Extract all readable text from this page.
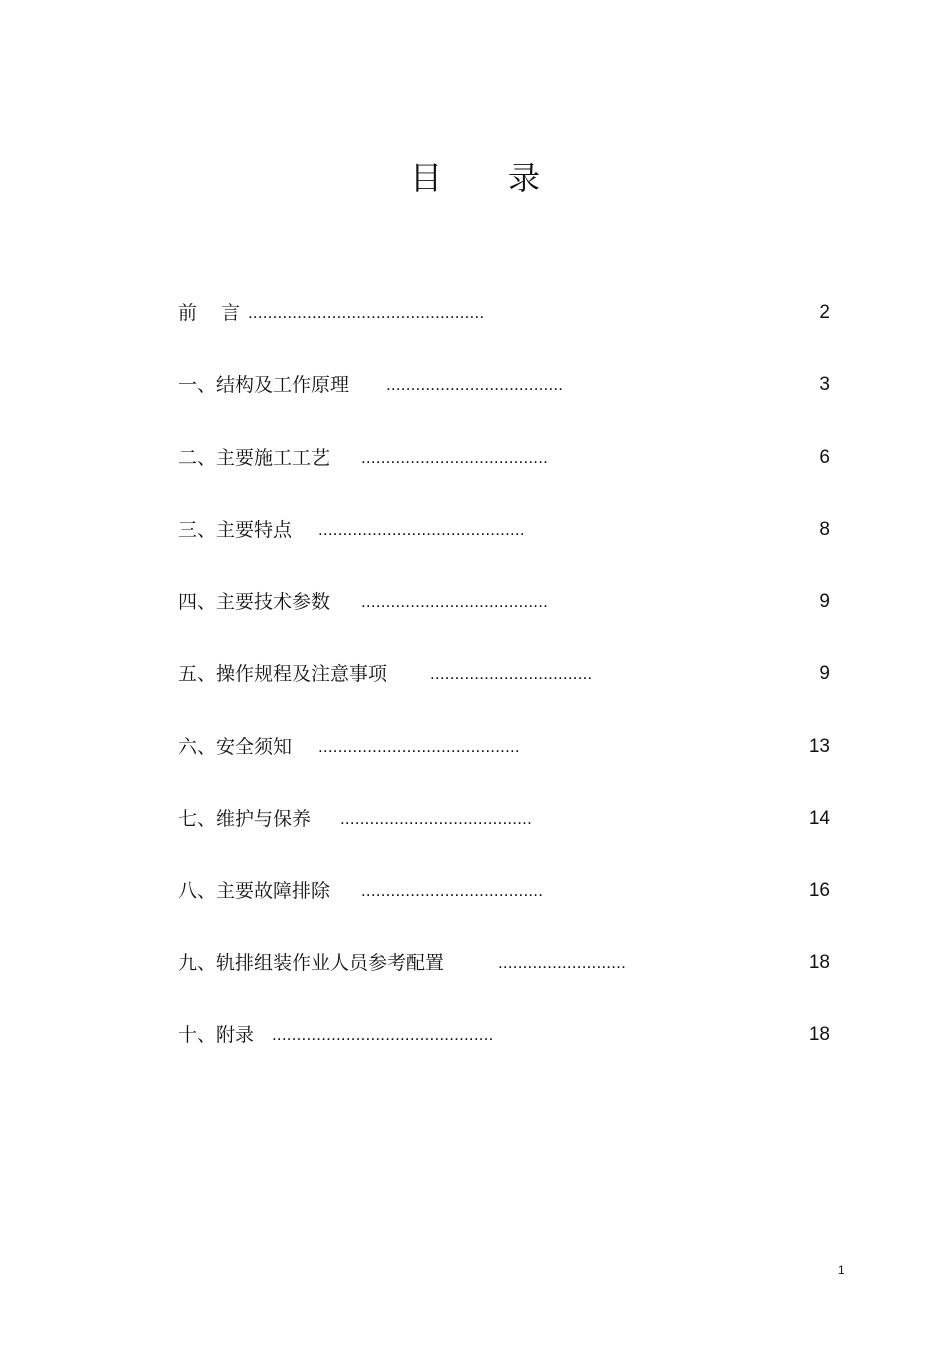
目 录
前    言 ................................................	2
一、结构及工作原理 ....................................	3
二、主要施工工艺 ......................................	6
三、主要特点 ..........................................	8
四、主要技术参数 ......................................	9
五、操作规程及注意事项	.................................	9
六、安全须知 .........................................	13
七、维护与保养 .......................................	14
八、主要故障排除 .....................................	16
九、轨排组装作业人员参考配置	..........................	18
十、附录 .............................................	18
1
